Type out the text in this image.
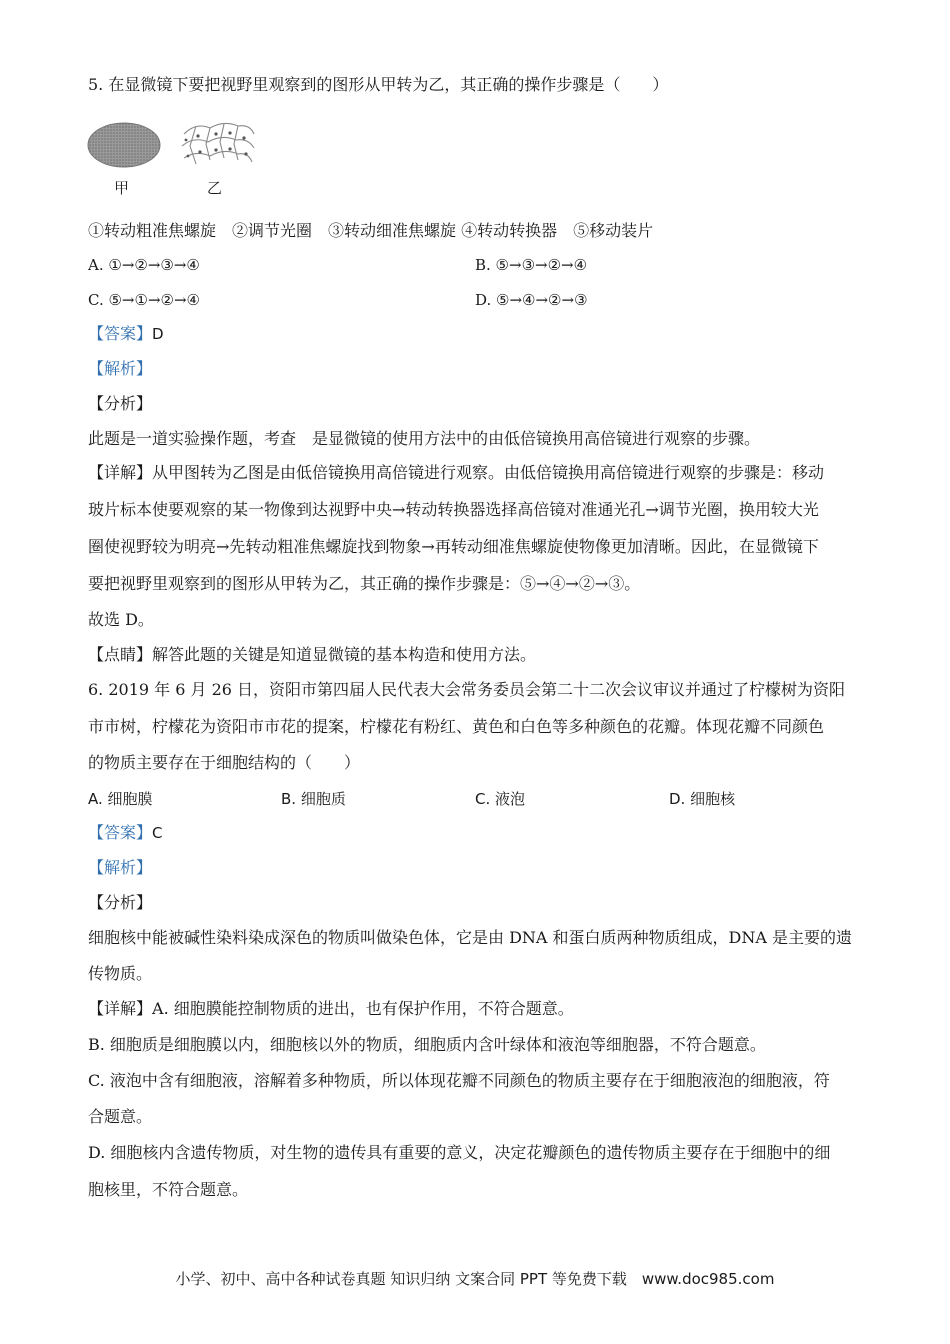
5. 在显微镜下要把视野里观察到的图形从甲转为乙，其正确的操作步骤是（　　）
甲	乙
①转动粗准焦螺旋　②调节光圈　③转动细准焦螺旋 ④转动转换器　⑤移动装片
A. ①→②→③→④	B. ⑤→③→②→④
C. ⑤→①→②→④	D. ⑤→④→②→③
【答案】D
【解析】
【分析】
此题是一道实验操作题，考查　是显微镜的使用方法中的由低倍镜换用高倍镜进行观察的步骤。
【详解】从甲图转为乙图是由低倍镜换用高倍镜进行观察。由低倍镜换用高倍镜进行观察的步骤是：移动
玻片标本使要观察的某一物像到达视野中央→转动转换器选择高倍镜对准通光孔→调节光圈，换用较大光
圈使视野较为明亮→先转动粗准焦螺旋找到物象→再转动细准焦螺旋使物像更加清晰。因此，在显微镜下
要把视野里观察到的图形从甲转为乙，其正确的操作步骤是：⑤→④→②→③。
故选 D。
【点睛】解答此题的关键是知道显微镜的基本构造和使用方法。
6. 2019 年 6 月 26 日，资阳市第四届人民代表大会常务委员会第二十二次会议审议并通过了柠檬树为资阳
市市树，柠檬花为资阳市市花的提案，柠檬花有粉红、黄色和白色等多种颜色的花瓣。体现花瓣不同颜色
的物质主要存在于细胞结构的（　　）
A. 细胞膜	B. 细胞质	C. 液泡	D. 细胞核
【答案】C
【解析】
【分析】
细胞核中能被碱性染料染成深色的物质叫做染色体，它是由 DNA 和蛋白质两种物质组成，DNA 是主要的遗
传物质。
【详解】A. 细胞膜能控制物质的进出，也有保护作用，不符合题意。
B. 细胞质是细胞膜以内，细胞核以外的物质，细胞质内含叶绿体和液泡等细胞器，不符合题意。
C. 液泡中含有细胞液，溶解着多种物质，所以体现花瓣不同颜色的物质主要存在于细胞液泡的细胞液，符
合题意。
D. 细胞核内含遗传物质，对生物的遗传具有重要的意义，决定花瓣颜色的遗传物质主要存在于细胞中的细
胞核里，不符合题意。
小学、初中、高中各种试卷真题 知识归纳 文案合同 PPT 等免费下载　www.doc985.com
